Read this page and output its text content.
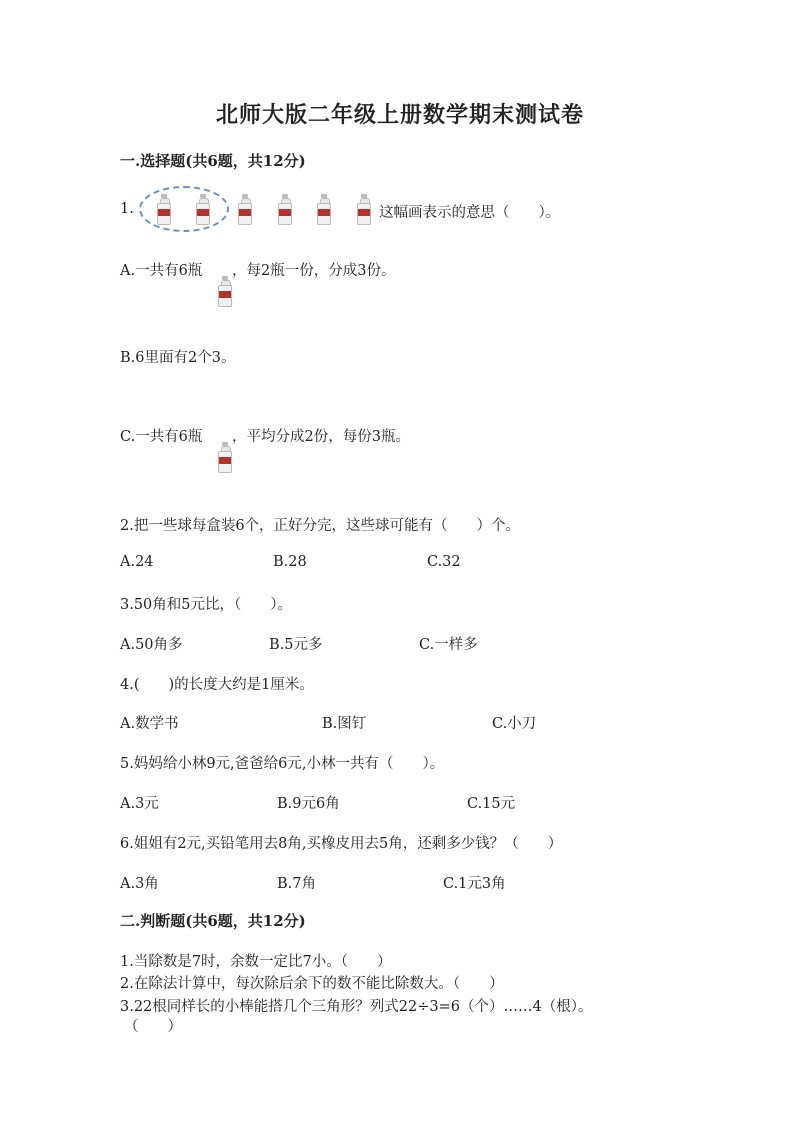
北师大版二年级上册数学期末测试卷
一.选择题(共6题，共12分)
1.	这幅画表示的意思（　　）。
A.一共有6瓶 ，每2瓶一份，分成3份。
B.6里面有2个3。
C.一共有6瓶 ，平均分成2份，每份3瓶。
2.把一些球每盒装6个，正好分完，这些球可能有（　　）个。
A.24	B.28	C.32
3.50角和5元比，（　　）。
A.50角多	B.5元多	C.一样多
4.(　　)的长度大约是1厘米。
A.数学书	B.图钉	C.小刀
5.妈妈给小林9元,爸爸给6元,小林一共有（　　）。
A.3元	B.9元6角	C.15元
6.姐姐有2元,买铅笔用去8角,买橡皮用去5角，还剩多少钱？（　　）
A.3角	B.7角	C.1元3角
二.判断题(共6题，共12分)
1.当除数是7时，余数一定比7小。（　　）
2.在除法计算中，每次除后余下的数不能比除数大。（　　）
3.22根同样长的小棒能搭几个三角形？列式22÷3=6（个）……4（根）。
（　　）
